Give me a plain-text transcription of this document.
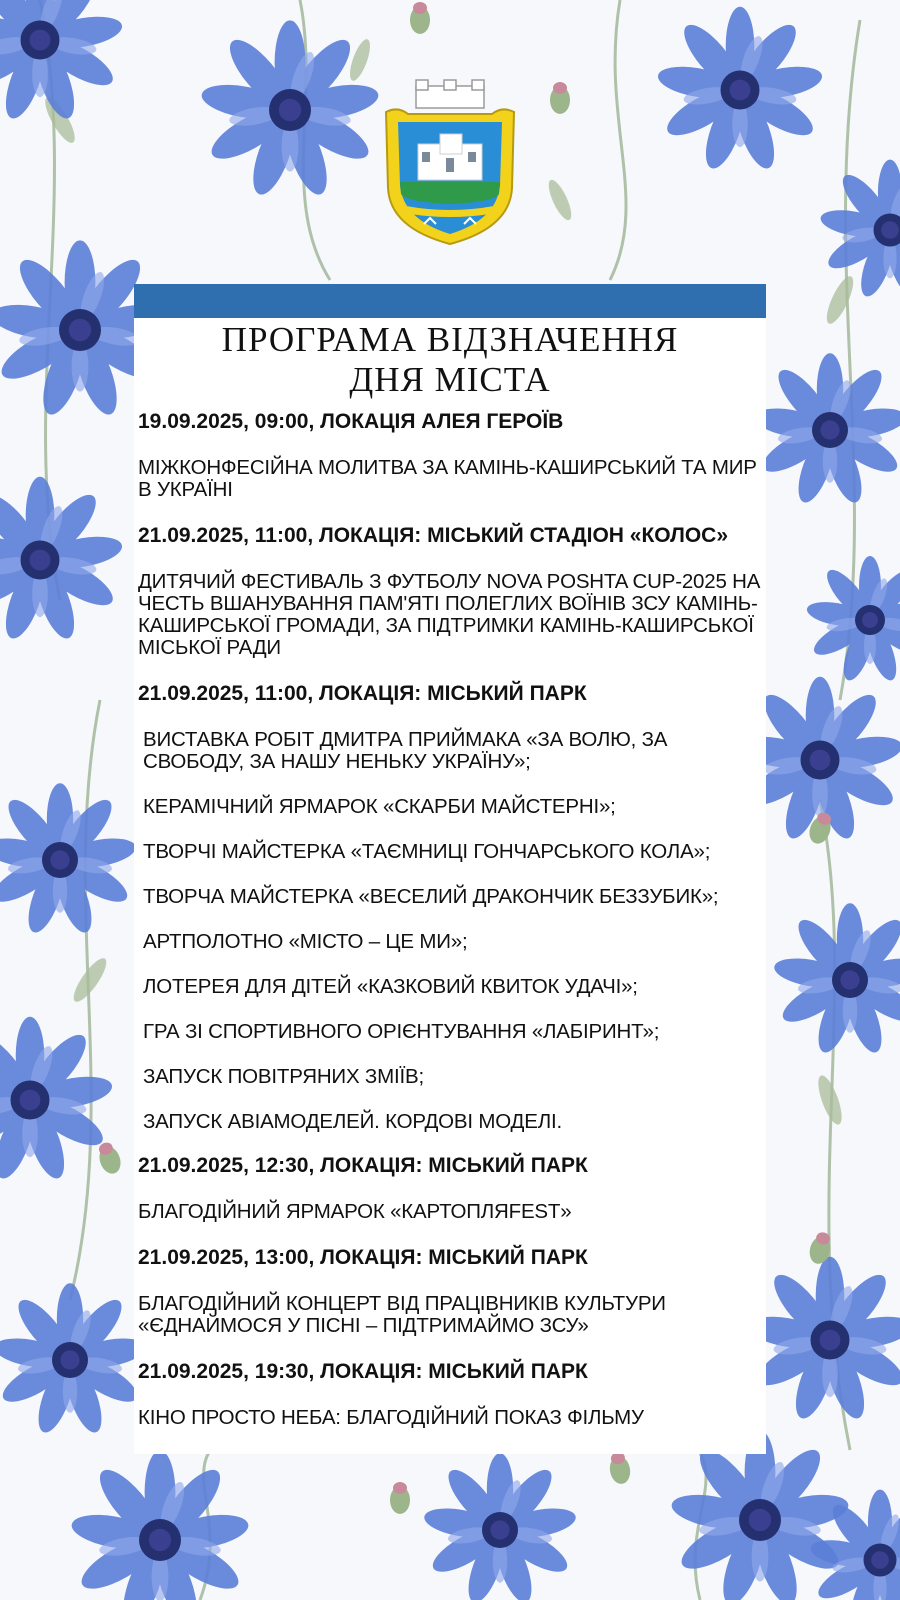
ПРОГРАМА ВІДЗНАЧЕННЯ
ДНЯ МІСТА
19.09.2025, 09:00, ЛОКАЦІЯ АЛЕЯ ГЕРОЇВ
МІЖКОНФЕСІЙНА МОЛИТВА ЗА КАМІНЬ-КАШИРСЬКИЙ ТА МИР В УКРАЇНІ
21.09.2025, 11:00, ЛОКАЦІЯ: МІСЬКИЙ СТАДІОН «КОЛОС»
ДИТЯЧИЙ ФЕСТИВАЛЬ З ФУТБОЛУ NOVA POSHTA CUP-2025 НА ЧЕСТЬ ВШАНУВАННЯ ПАМ'ЯТІ ПОЛЕГЛИХ ВОЇНІВ ЗСУ КАМІНЬ-КАШИРСЬКОЇ ГРОМАДИ, ЗА ПІДТРИМКИ КАМІНЬ-КАШИРСЬКОЇ МІСЬКОЇ РАДИ
21.09.2025, 11:00, ЛОКАЦІЯ: МІСЬКИЙ ПАРК
ВИСТАВКА РОБІТ ДМИТРА ПРИЙМАКА «ЗА ВОЛЮ, ЗА СВОБОДУ, ЗА НАШУ НЕНЬКУ УКРАЇНУ»;
КЕРАМІЧНИЙ ЯРМАРОК «СКАРБИ МАЙСТЕРНІ»;
ТВОРЧІ МАЙСТЕРКА «ТАЄМНИЦІ ГОНЧАРСЬКОГО КОЛА»;
ТВОРЧА МАЙСТЕРКА «ВЕСЕЛИЙ ДРАКОНЧИК БЕЗЗУБИК»;
АРТПОЛОТНО «МІСТО – ЦЕ МИ»;
ЛОТЕРЕЯ ДЛЯ ДІТЕЙ «КАЗКОВИЙ КВИТОК УДАЧІ»;
ГРА ЗІ СПОРТИВНОГО ОРІЄНТУВАННЯ «ЛАБІРИНТ»;
ЗАПУСК ПОВІТРЯНИХ ЗМІЇВ;
ЗАПУСК АВІАМОДЕЛЕЙ. КОРДОВІ МОДЕЛІ.
21.09.2025, 12:30, ЛОКАЦІЯ: МІСЬКИЙ ПАРК
БЛАГОДІЙНИЙ ЯРМАРОК «КАРТОПЛЯFEST»
21.09.2025, 13:00, ЛОКАЦІЯ: МІСЬКИЙ ПАРК
БЛАГОДІЙНИЙ КОНЦЕРТ ВІД ПРАЦІВНИКІВ КУЛЬТУРИ «ЄДНАЙМОСЯ У ПІСНІ – ПІДТРИМАЙМО ЗСУ»
21.09.2025, 19:30, ЛОКАЦІЯ: МІСЬКИЙ ПАРК
КІНО ПРОСТО НЕБА: БЛАГОДІЙНИЙ ПОКАЗ ФІЛЬМУ
